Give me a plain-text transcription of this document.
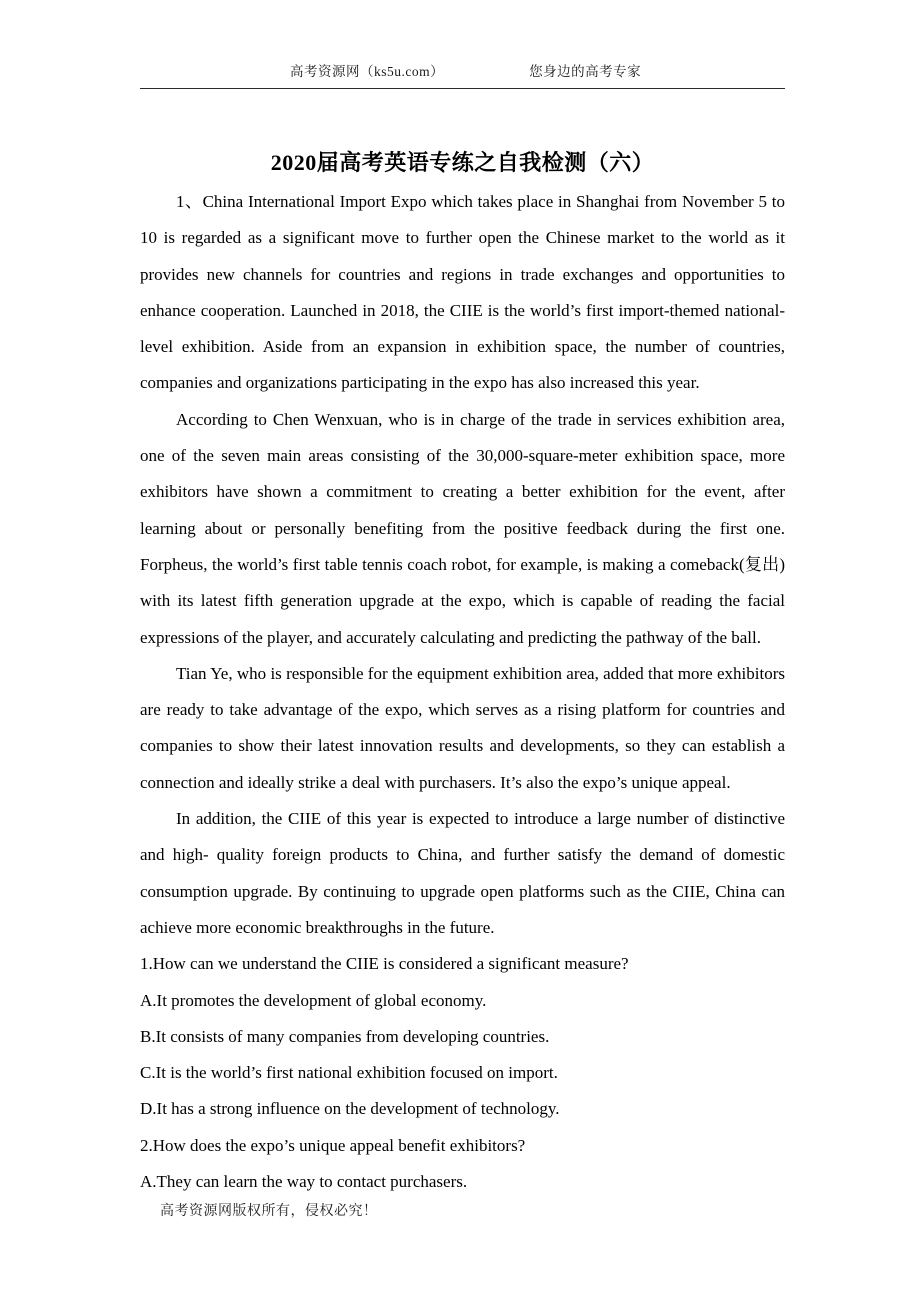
高考资源网（ks5u.com）	您身边的高考专家
2020届高考英语专练之自我检测（六）

1、China International Import Expo which takes place in Shanghai from November 5 to 10 is regarded as a significant move to further open the Chinese market to the world as it provides new channels for countries and regions in trade exchanges and opportunities to enhance cooperation. Launched in 2018, the CIIE is the world’s first import-themed national-level exhibition. Aside from an expansion in exhibition space, the number of countries, companies and organizations participating in the expo has also increased this year.

According to Chen Wenxuan, who is in charge of the trade in services exhibition area, one of the seven main areas consisting of the 30,000-square-meter exhibition space, more exhibitors have shown a commitment to creating a better exhibition for the event, after learning about or personally benefiting from the positive feedback during the first one. Forpheus, the world’s first table tennis coach robot, for example, is making a comeback(复出) with its latest fifth generation upgrade at the expo, which is capable of reading the facial expressions of the player, and accurately calculating and predicting the pathway of the ball.

Tian Ye, who is responsible for the equipment exhibition area, added that more exhibitors are ready to take advantage of the expo, which serves as a rising platform for countries and companies to show their latest innovation results and developments, so they can establish a connection and ideally strike a deal with purchasers. It’s also the expo’s unique appeal.

In addition, the CIIE of this year is expected to introduce a large number of distinctive and high- quality foreign products to China, and further satisfy the demand of domestic consumption upgrade. By continuing to upgrade open platforms such as the CIIE, China can achieve more economic breakthroughs in the future.

1.How can we understand the CIIE is considered a significant measure?

A.It promotes the development of global economy.

B.It consists of many companies from developing countries.

C.It is the world’s first national exhibition focused on import.

D.It has a strong influence on the development of technology.

2.How does the expo’s unique appeal benefit exhibitors?

A.They can learn the way to contact purchasers.

高考资源网版权所有，侵权必究！
